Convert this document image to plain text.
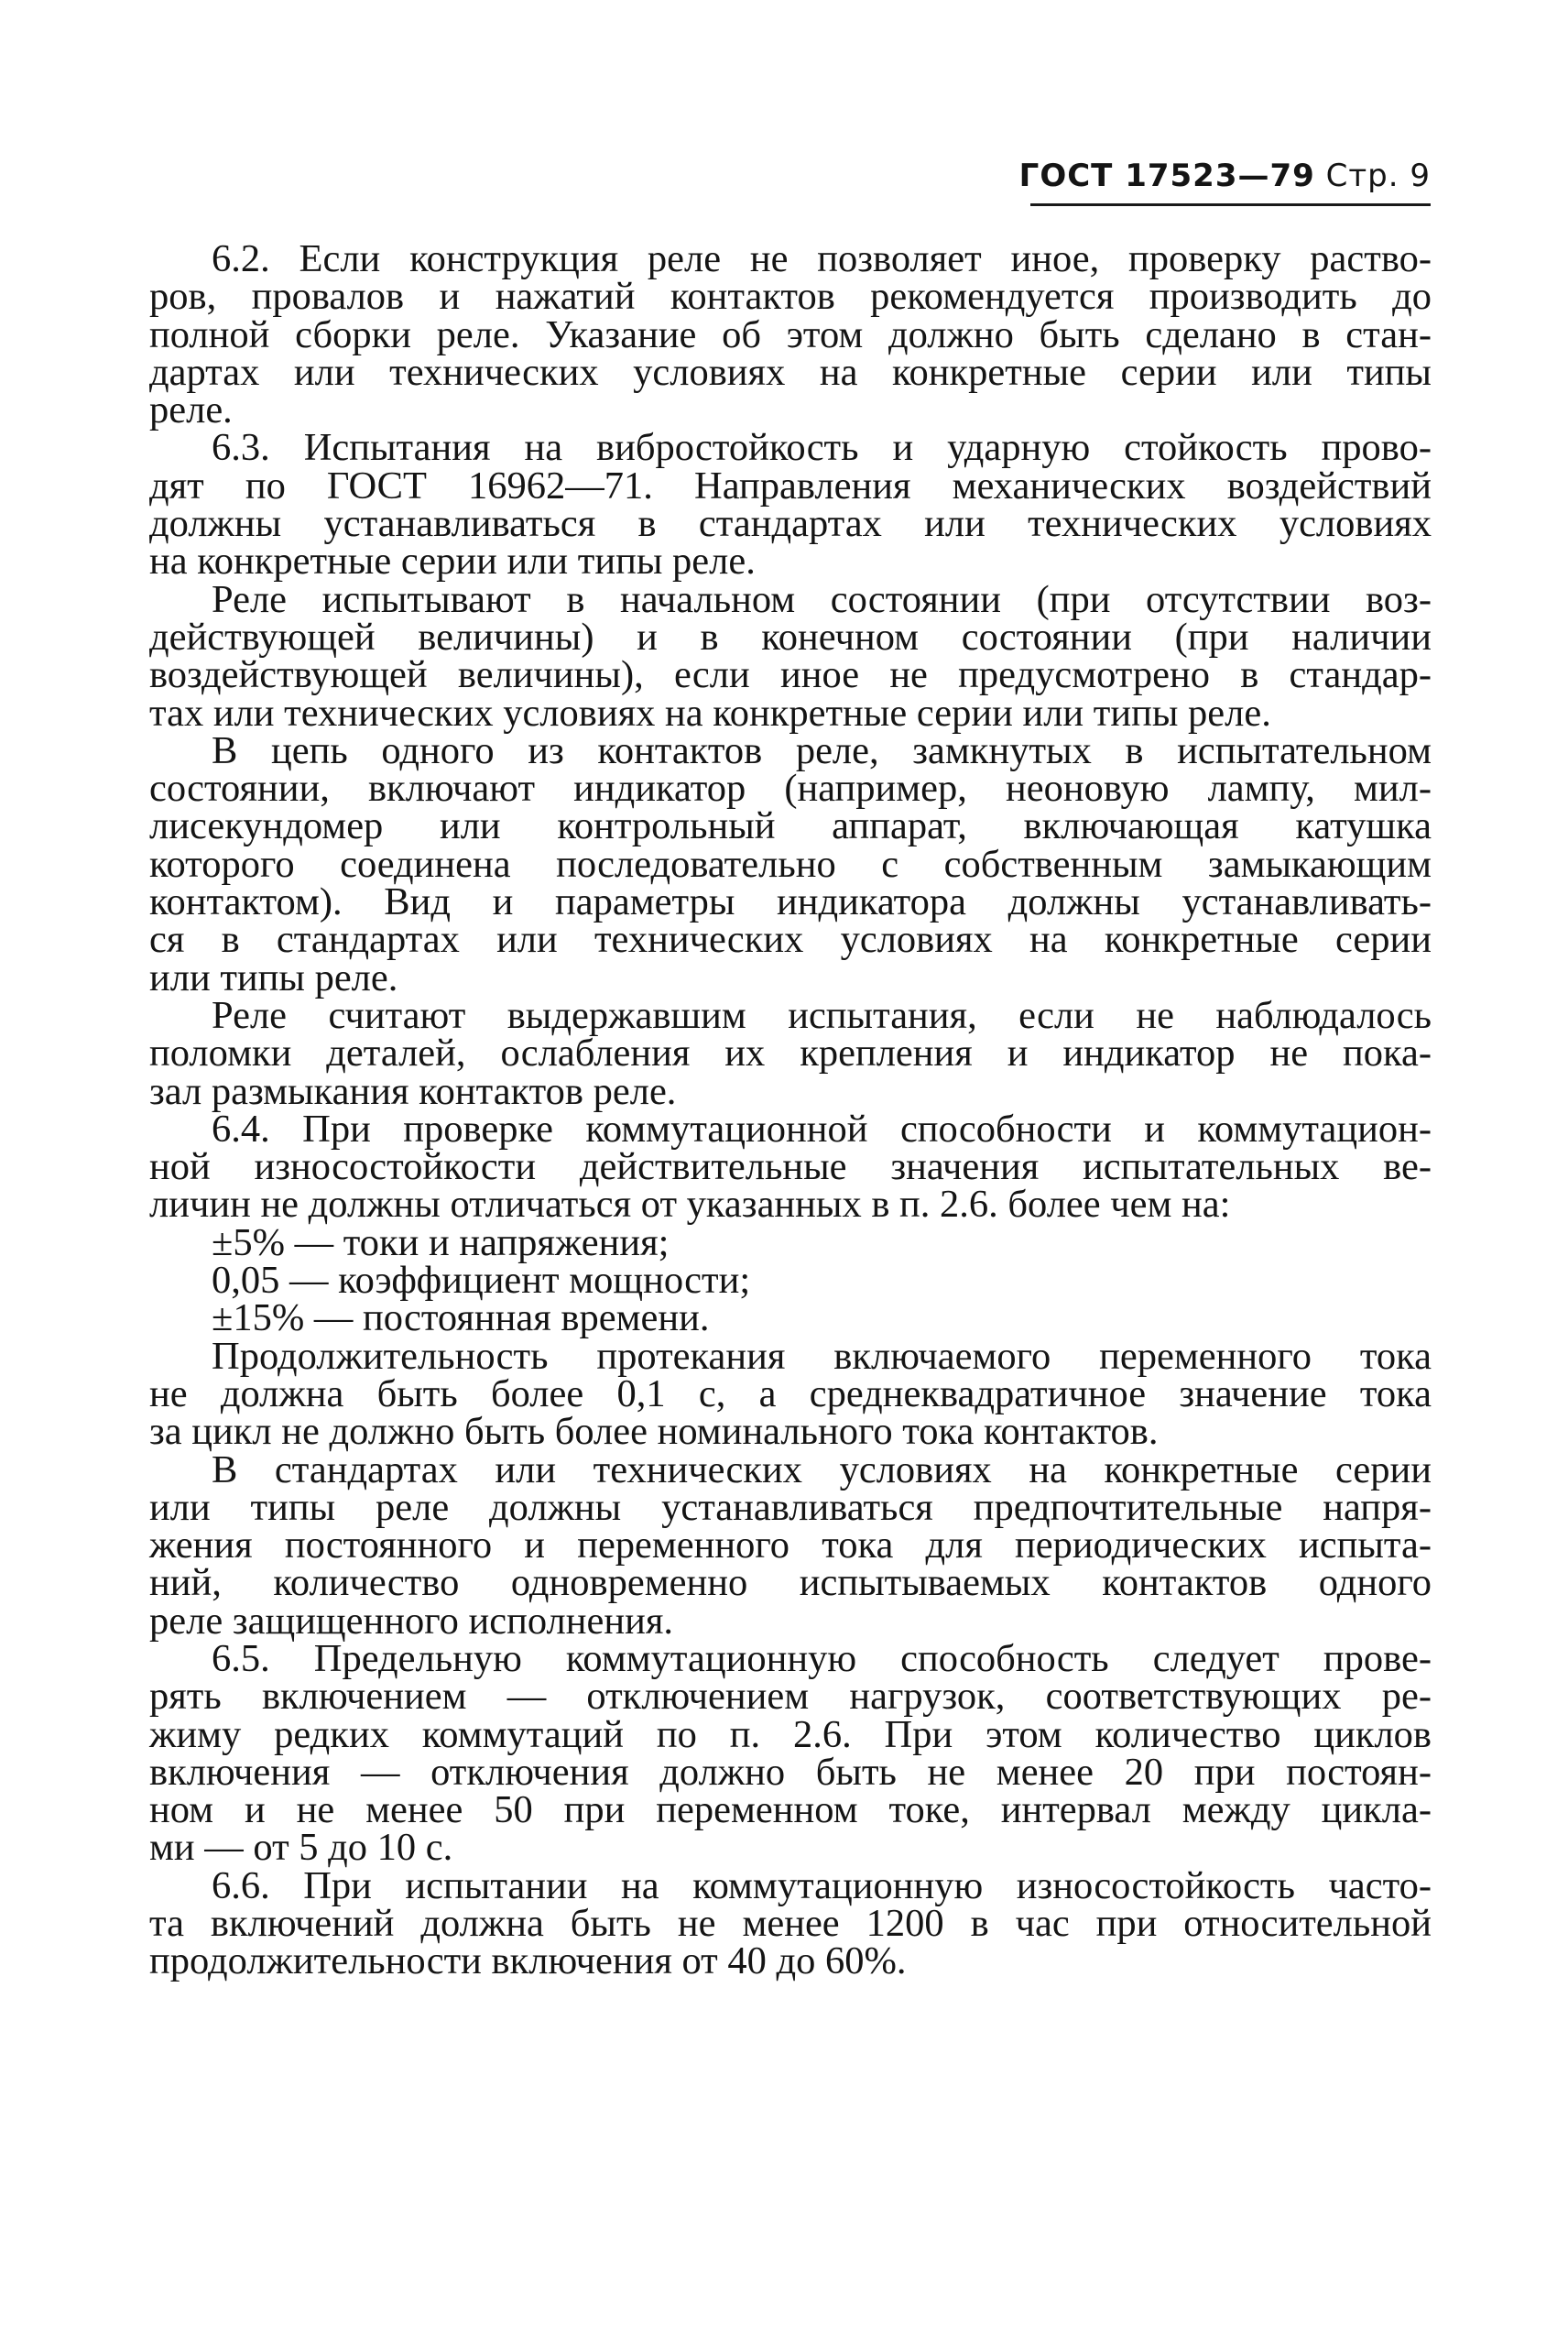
ГОСТ 17523—79 Стр. 9

6.2. Если конструкция реле не позволяет иное, проверку раство-

ров, провалов и нажатий контактов рекомендуется производить до

полной сборки реле. Указание об этом должно быть сделано в стан-

дартах или технических условиях на конкретные серии или типы

реле.

6.3. Испытания на вибростойкость и ударную стойкость прово-

дят по ГОСТ 16962—71. Направления механических воздействий

должны устанавливаться в стандартах или технических условиях

на конкретные серии или типы реле.

Реле испытывают в начальном состоянии (при отсутствии воз-

действующей величины) и в конечном состоянии (при наличии

воздействующей величины), если иное не предусмотрено в стандар-

тах или технических условиях на конкретные серии или типы реле.

В цепь одного из контактов реле, замкнутых в испытательном

состоянии, включают индикатор (например, неоновую лампу, мил-

лисекундомер или контрольный аппарат, включающая катушка

которого соединена последовательно с собственным замыкающим

контактом). Вид и параметры индикатора должны устанавливать-

ся в стандартах или технических условиях на конкретные серии

или типы реле.

Реле считают выдержавшим испытания, если не наблюдалось

поломки деталей, ослабления их крепления и индикатор не пока-

зал размыкания контактов реле.

6.4. При проверке коммутационной способности и коммутацион-

ной износостойкости действительные значения испытательных ве-

личин не должны отличаться от указанных в п. 2.6. более чем на:

±5% — токи и напряжения;

0,05 — коэффициент мощности;

±15% — постоянная времени.

Продолжительность протекания включаемого переменного тока

не должна быть более 0,1 с, а среднеквадратичное значение тока

за цикл не должно быть более номинального тока контактов.

В стандартах или технических условиях на конкретные серии

или типы реле должны устанавливаться предпочтительные напря-

жения постоянного и переменного тока для периодических испыта-

ний, количество одновременно испытываемых контактов одного

реле защищенного исполнения.

6.5. Предельную коммутационную способность следует прове-

рять включением — отключением нагрузок, соответствующих ре-

жиму редких коммутаций по п. 2.6. При этом количество циклов

включения — отключения должно быть не менее 20 при постоян-

ном и не менее 50 при переменном токе, интервал между цикла-

ми — от 5 до 10 с.

6.6. При испытании на коммутационную износостойкость часто-

та включений должна быть не менее 1200 в час при относительной

продолжительности включения от 40 до 60%.
